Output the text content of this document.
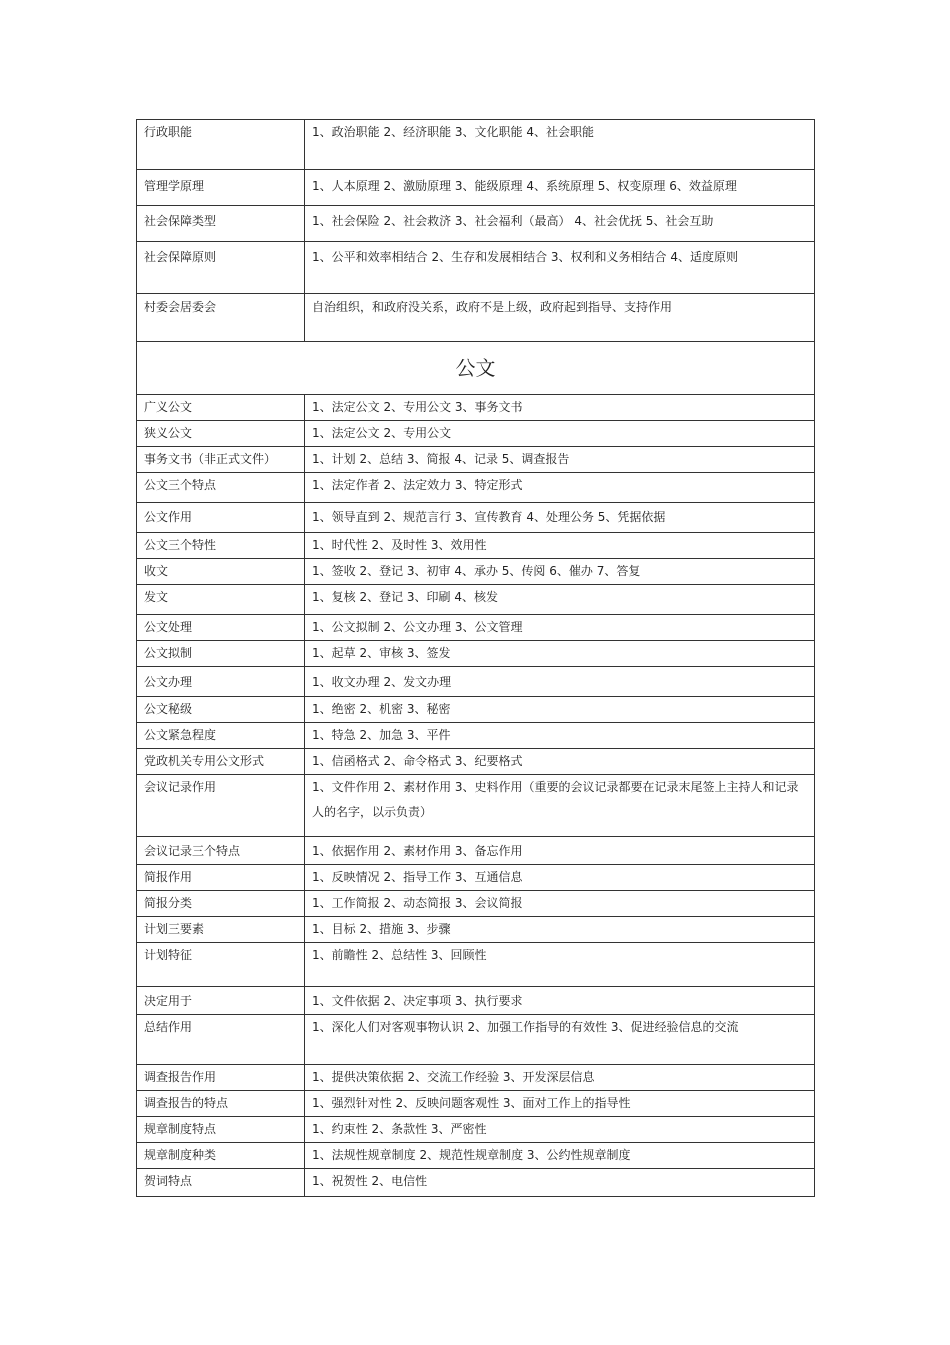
行政职能	1、政治职能 2、经济职能 3、文化职能 4、社会职能
管理学原理	1、人本原理 2、激励原理 3、能级原理 4、系统原理 5、权变原理 6、效益原理
社会保障类型	1、社会保险 2、社会救济 3、社会福利（最高） 4、社会优抚 5、社会互助
社会保障原则	1、公平和效率相结合 2、生存和发展相结合 3、权利和义务相结合 4、适度原则
村委会居委会	自治组织，和政府没关系，政府不是上级，政府起到指导、支持作用
公文	
广义公文	1、法定公文 2、专用公文 3、事务文书
狭义公文	1、法定公文 2、专用公文
事务文书（非正式文件）	1、计划 2、总结 3、简报 4、记录 5、调查报告
公文三个特点	1、法定作者 2、法定效力 3、特定形式
公文作用	1、领导直到 2、规范言行 3、宣传教育 4、处理公务 5、凭据依据
公文三个特性	1、时代性 2、及时性 3、效用性
收文	1、签收 2、登记 3、初审 4、承办 5、传阅 6、催办 7、答复
发文	1、复核 2、登记 3、印刷 4、核发
公文处理	1、公文拟制 2、公文办理 3、公文管理
公文拟制	1、起草 2、审核 3、签发
公文办理	1、收文办理 2、发文办理
公文秘级	1、绝密 2、机密 3、秘密
公文紧急程度	1、特急 2、加急 3、平件
党政机关专用公文形式	1、信函格式 2、命令格式 3、纪要格式
会议记录作用	1、文件作用 2、素材作用 3、史料作用（重要的会议记录都要在记录末尾签上主持人和记录人的名字，以示负责）
会议记录三个特点	1、依据作用 2、素材作用 3、备忘作用
简报作用	1、反映情况 2、指导工作 3、互通信息
简报分类	1、工作简报 2、动态简报 3、会议简报
计划三要素	1、目标 2、措施 3、步骤
计划特征	1、前瞻性 2、总结性 3、回顾性
决定用于	1、文件依据 2、决定事项 3、执行要求
总结作用	1、深化人们对客观事物认识 2、加强工作指导的有效性 3、促进经验信息的交流
调查报告作用	1、提供决策依据 2、交流工作经验 3、开发深层信息
调查报告的特点	1、强烈针对性 2、反映问题客观性 3、面对工作上的指导性
规章制度特点	1、约束性 2、条款性 3、严密性
规章制度种类	1、法规性规章制度 2、规范性规章制度 3、公约性规章制度
贺词特点	1、祝贺性 2、电信性
